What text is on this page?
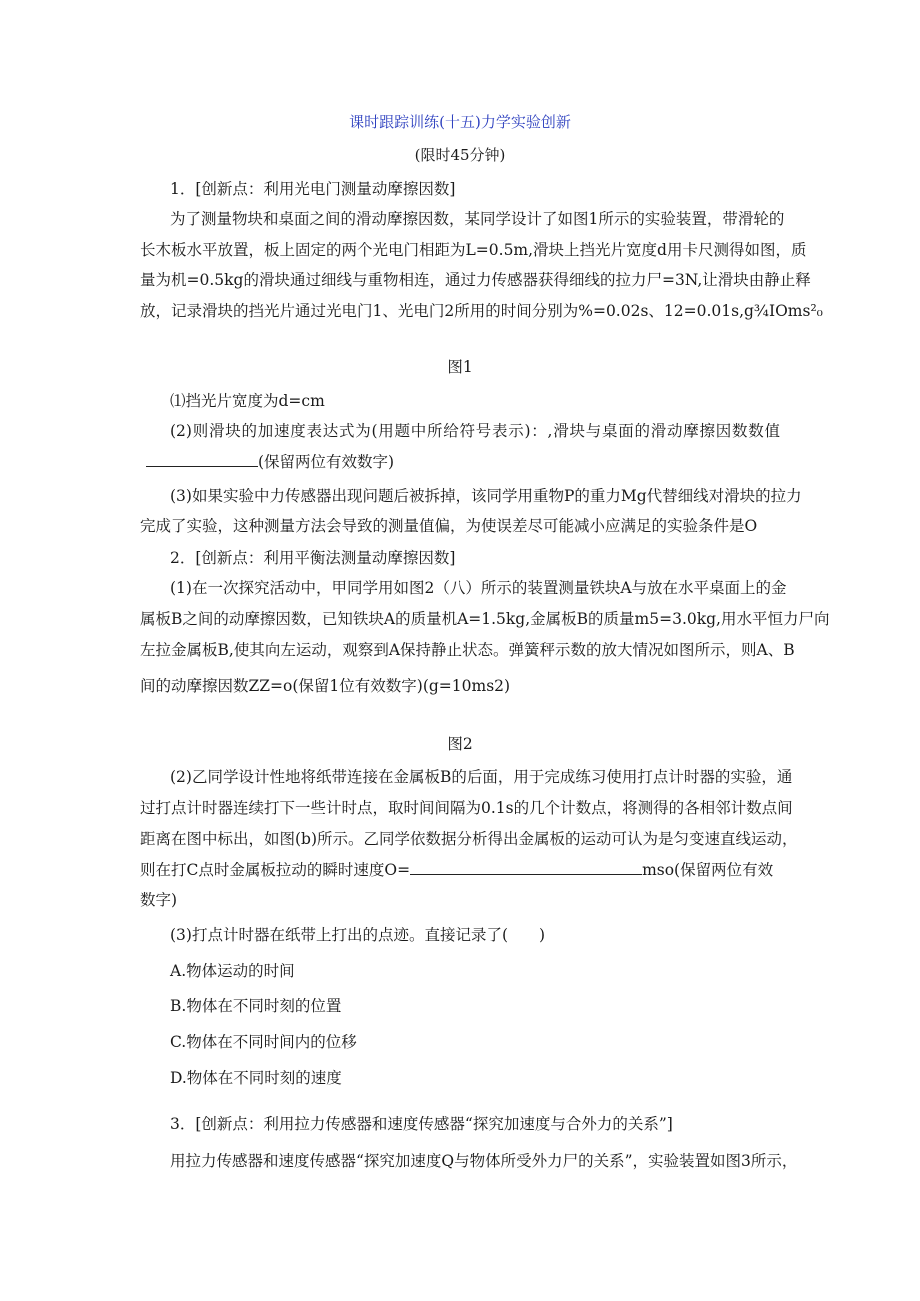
课时跟踪训练(十五)力学实验创新
(限时45分钟)
1．[创新点：利用光电门测量动摩擦因数]
为了测量物块和桌面之间的滑动摩擦因数，某同学设计了如图1所示的实验装置，带滑轮的
长木板水平放置，板上固定的两个光电门相距为L=0.5m,滑块上挡光片宽度d用卡尺测得如图，质
量为机=0.5kg的滑块通过细线与重物相连，通过力传感器获得细线的拉力尸=3N,让滑块由静止释
放，记录滑块的挡光片通过光电门1、光电门2所用的时间分别为%=0.02s、12=0.01s,g¾IOms²₀
图1
⑴挡光片宽度为d=cm
(2)则滑块的加速度表达式为(用题中所给符号表示)：,滑块与桌面的滑动摩擦因数数值
(保留两位有效数字)
(3)如果实验中力传感器出现问题后被拆掉，该同学用重物P的重力Mg代替细线对滑块的拉力
完成了实验，这种测量方法会导致的测量值偏，为使误差尽可能减小应满足的实验条件是O
2．[创新点：利用平衡法测量动摩擦因数]
(1)在一次探究活动中，甲同学用如图2（八）所示的装置测量铁块A与放在水平桌面上的金
属板B之间的动摩擦因数，已知铁块A的质量机A=1.5kg,金属板B的质量m5=3.0kg,用水平恒力尸向
左拉金属板B,使其向左运动，观察到A保持静止状态。弹簧秤示数的放大情况如图所示，则A、B
间的动摩擦因数ZZ=o(保留1位有效数字)(g=10ms2)
图2
(2)乙同学设计性地将纸带连接在金属板B的后面，用于完成练习使用打点计时器的实验，通
过打点计时器连续打下一些计时点，取时间间隔为0.1s的几个计数点，将测得的各相邻计数点间
距离在图中标出，如图(b)所示。乙同学依数据分析得出金属板的运动可认为是匀变速直线运动，
则在打C点时金属板拉动的瞬时速度O=	mso(保留两位有效
数字)
(3)打点计时器在纸带上打出的点迹。直接记录了(　　)
A.物体运动的时间
B.物体在不同时刻的位置
C.物体在不同时间内的位移
D.物体在不同时刻的速度
3．[创新点：利用拉力传感器和速度传感器“探究加速度与合外力的关系”]
用拉力传感器和速度传感器“探究加速度Q与物体所受外力尸的关系”，实验装置如图3所示，
